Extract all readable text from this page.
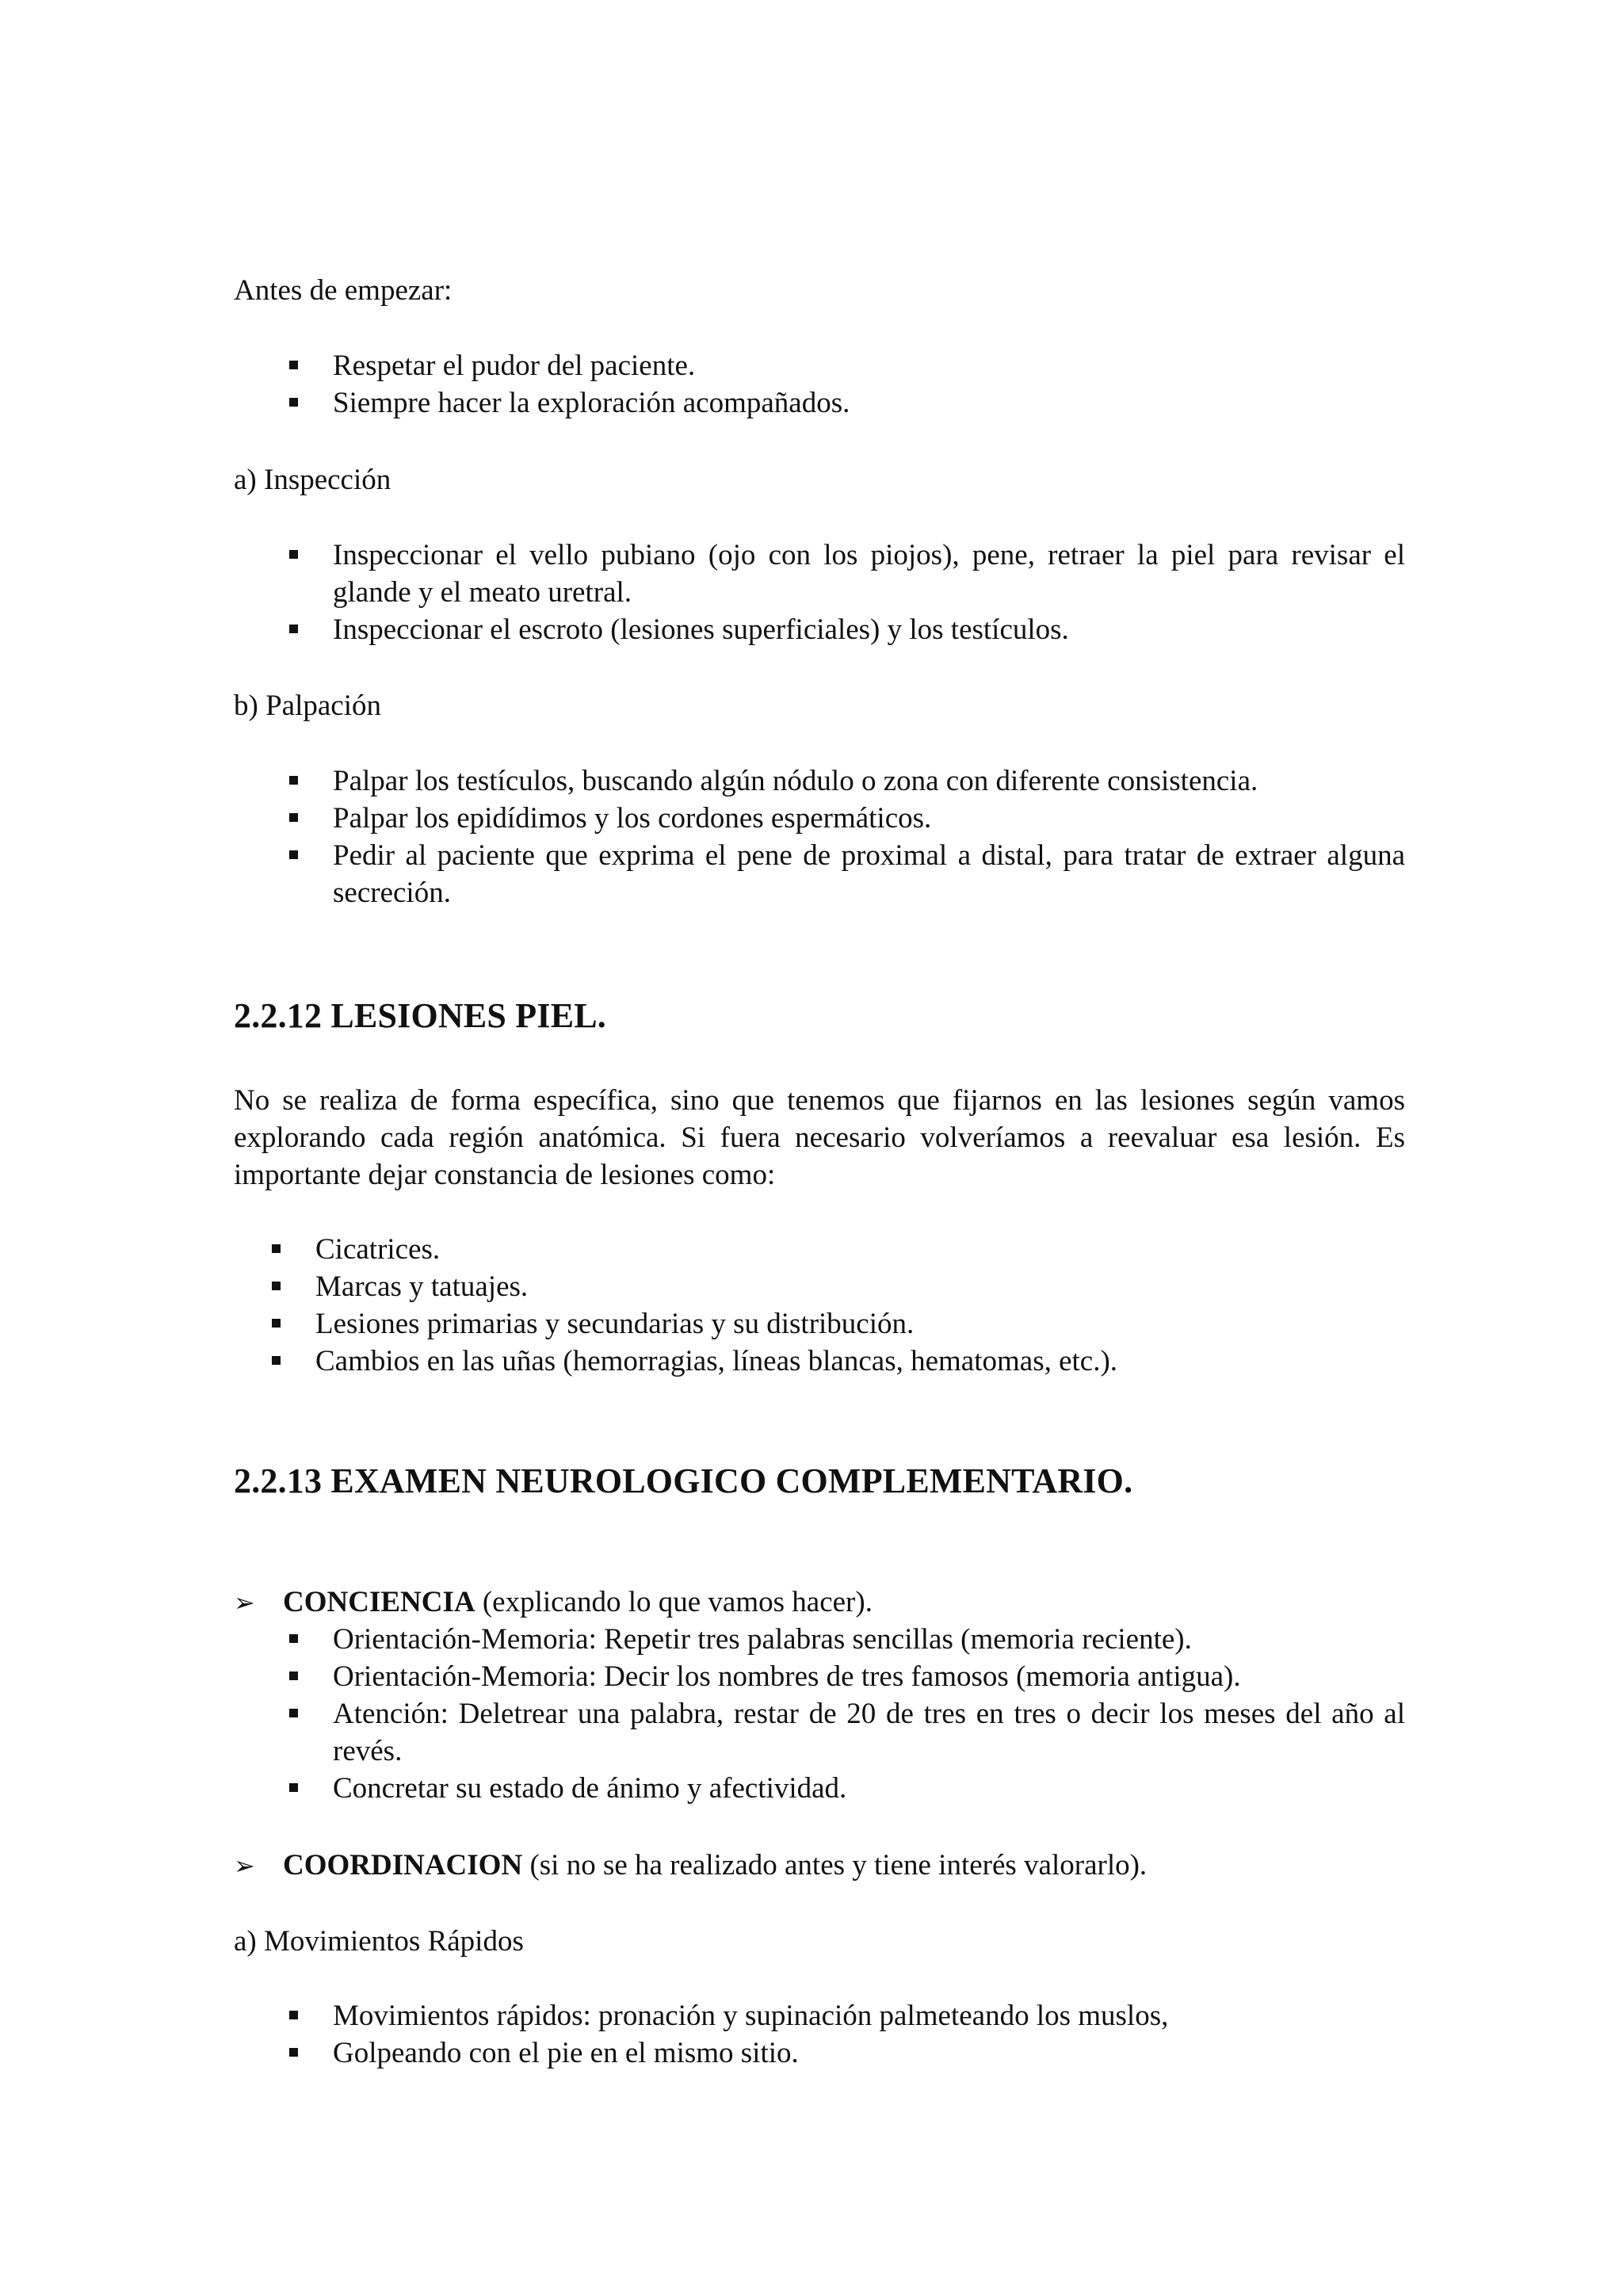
Antes de empezar:

Respetar el pudor del paciente.
Siempre hacer la exploración acompañados.

a) Inspección

Inspeccionar el vello pubiano (ojo con los piojos), pene, retraer la piel para revisar el glande y el meato uretral.
Inspeccionar el escroto (lesiones superficiales) y los testículos.

b) Palpación

Palpar los testículos, buscando algún nódulo o zona con diferente consistencia.
Palpar los epidídimos y los cordones espermáticos.
Pedir al paciente que exprima el pene de proximal a distal, para tratar de extraer alguna secreción.
2.2.12 LESIONES PIEL.

No se realiza de forma específica, sino que tenemos que fijarnos en las lesiones según vamos explorando cada región anatómica. Si fuera necesario volveríamos a reevaluar esa lesión. Es importante dejar constancia de lesiones como:

Cicatrices.
Marcas y tatuajes.
Lesiones primarias y secundarias y su distribución.
Cambios en las uñas (hemorragias, líneas blancas, hematomas, etc.).
2.2.13 EXAMEN NEUROLOGICO COMPLEMENTARIO.

➢ CONCIENCIA (explicando lo que vamos hacer).

Orientación-Memoria: Repetir tres palabras sencillas (memoria reciente).
Orientación-Memoria: Decir los nombres de tres famosos (memoria antigua).
Atención: Deletrear una palabra, restar de 20 de tres en tres o decir los meses del año al revés.
Concretar su estado de ánimo y afectividad.

➢ COORDINACION (si no se ha realizado antes y tiene interés valorarlo).

a) Movimientos Rápidos

Movimientos rápidos: pronación y supinación palmeteando los muslos,
Golpeando con el pie en el mismo sitio.
